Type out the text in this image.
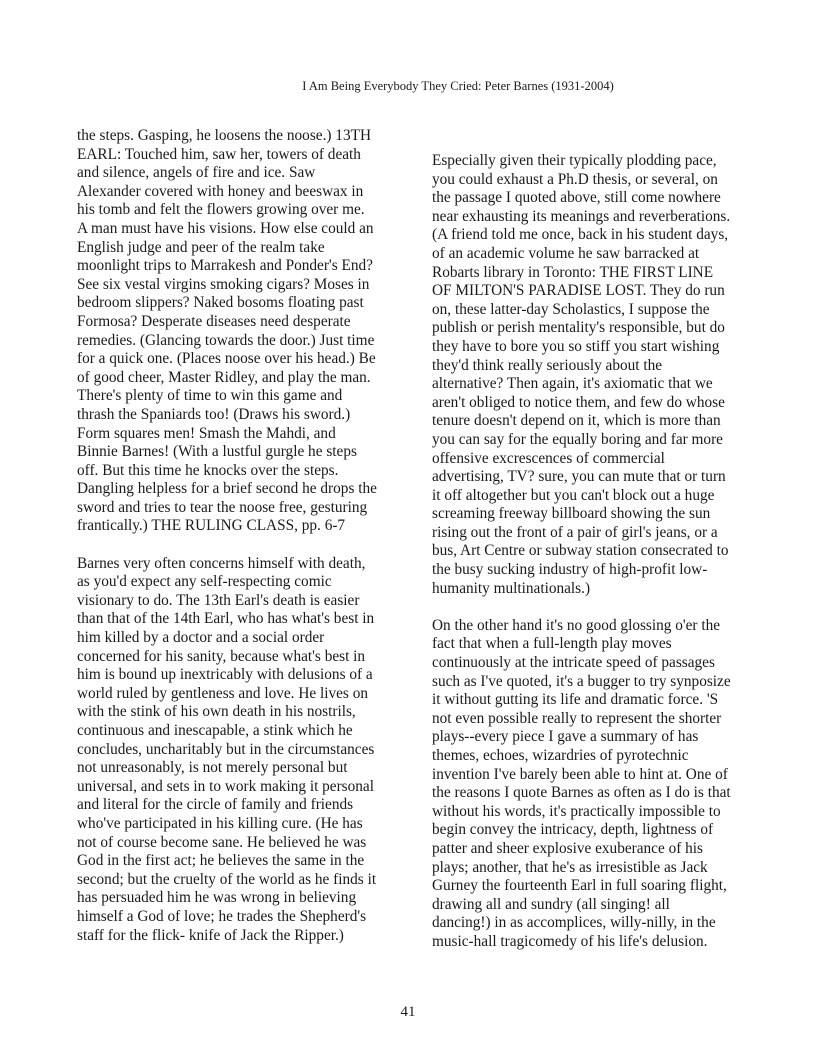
I Am Being Everybody They Cried: Peter Barnes (1931-2004)

the steps. Gasping, he loosens the noose.) 13TH
EARL: Touched him, saw her, towers of death
and silence, angels of fire and ice. Saw
Alexander covered with honey and beeswax in
his tomb and felt the flowers growing over me.
A man must have his visions. How else could an
English judge and peer of the realm take
moonlight trips to Marrakesh and Ponder's End?
See six vestal virgins smoking cigars? Moses in
bedroom slippers? Naked bosoms floating past
Formosa? Desperate diseases need desperate
remedies. (Glancing towards the door.) Just time
for a quick one. (Places noose over his head.) Be
of good cheer, Master Ridley, and play the man.
There's plenty of time to win this game and
thrash the Spaniards too! (Draws his sword.)
Form squares men! Smash the Mahdi, and
Binnie Barnes! (With a lustful gurgle he steps
off. But this time he knocks over the steps.
Dangling helpless for a brief second he drops the
sword and tries to tear the noose free, gesturing
frantically.) THE RULING CLASS, pp. 6-7

Barnes very often concerns himself with death,
as you'd expect any self-respecting comic
visionary to do. The 13th Earl's death is easier
than that of the 14th Earl, who has what's best in
him killed by a doctor and a social order
concerned for his sanity, because what's best in
him is bound up inextricably with delusions of a
world ruled by gentleness and love. He lives on
with the stink of his own death in his nostrils,
continuous and inescapable, a stink which he
concludes, uncharitably but in the circumstances
not unreasonably, is not merely personal but
universal, and sets in to work making it personal
and literal for the circle of family and friends
who've participated in his killing cure. (He has
not of course become sane. He believed he was
God in the first act; he believes the same in the
second; but the cruelty of the world as he finds it
has persuaded him he was wrong in believing
himself a God of love; he trades the Shepherd's
staff for the flick- knife of Jack the Ripper.)

Especially given their typically plodding pace,
you could exhaust a Ph.D thesis, or several, on
the passage I quoted above, still come nowhere
near exhausting its meanings and reverberations.
(A friend told me once, back in his student days,
of an academic volume he saw barracked at
Robarts library in Toronto: THE FIRST LINE
OF MILTON'S PARADISE LOST. They do run
on, these latter-day Scholastics, I suppose the
publish or perish mentality's responsible, but do
they have to bore you so stiff you start wishing
they'd think really seriously about the
alternative? Then again, it's axiomatic that we
aren't obliged to notice them, and few do whose
tenure doesn't depend on it, which is more than
you can say for the equally boring and far more
offensive excrescences of commercial
advertising, TV? sure, you can mute that or turn
it off altogether but you can't block out a huge
screaming freeway billboard showing the sun
rising out the front of a pair of girl's jeans, or a
bus, Art Centre or subway station consecrated to
the busy sucking industry of high-profit low-
humanity multinationals.)

On the other hand it's no good glossing o'er the
fact that when a full-length play moves
continuously at the intricate speed of passages
such as I've quoted, it's a bugger to try synposize
it without gutting its life and dramatic force. 'S
not even possible really to represent the shorter
plays--every piece I gave a summary of has
themes, echoes, wizardries of pyrotechnic
invention I've barely been able to hint at. One of
the reasons I quote Barnes as often as I do is that
without his words, it's practically impossible to
begin convey the intricacy, depth, lightness of
patter and sheer explosive exuberance of his
plays; another, that he's as irresistible as Jack
Gurney the fourteenth Earl in full soaring flight,
drawing all and sundry (all singing! all
dancing!) in as accomplices, willy-nilly, in the
music-hall tragicomedy of his life's delusion.

41
